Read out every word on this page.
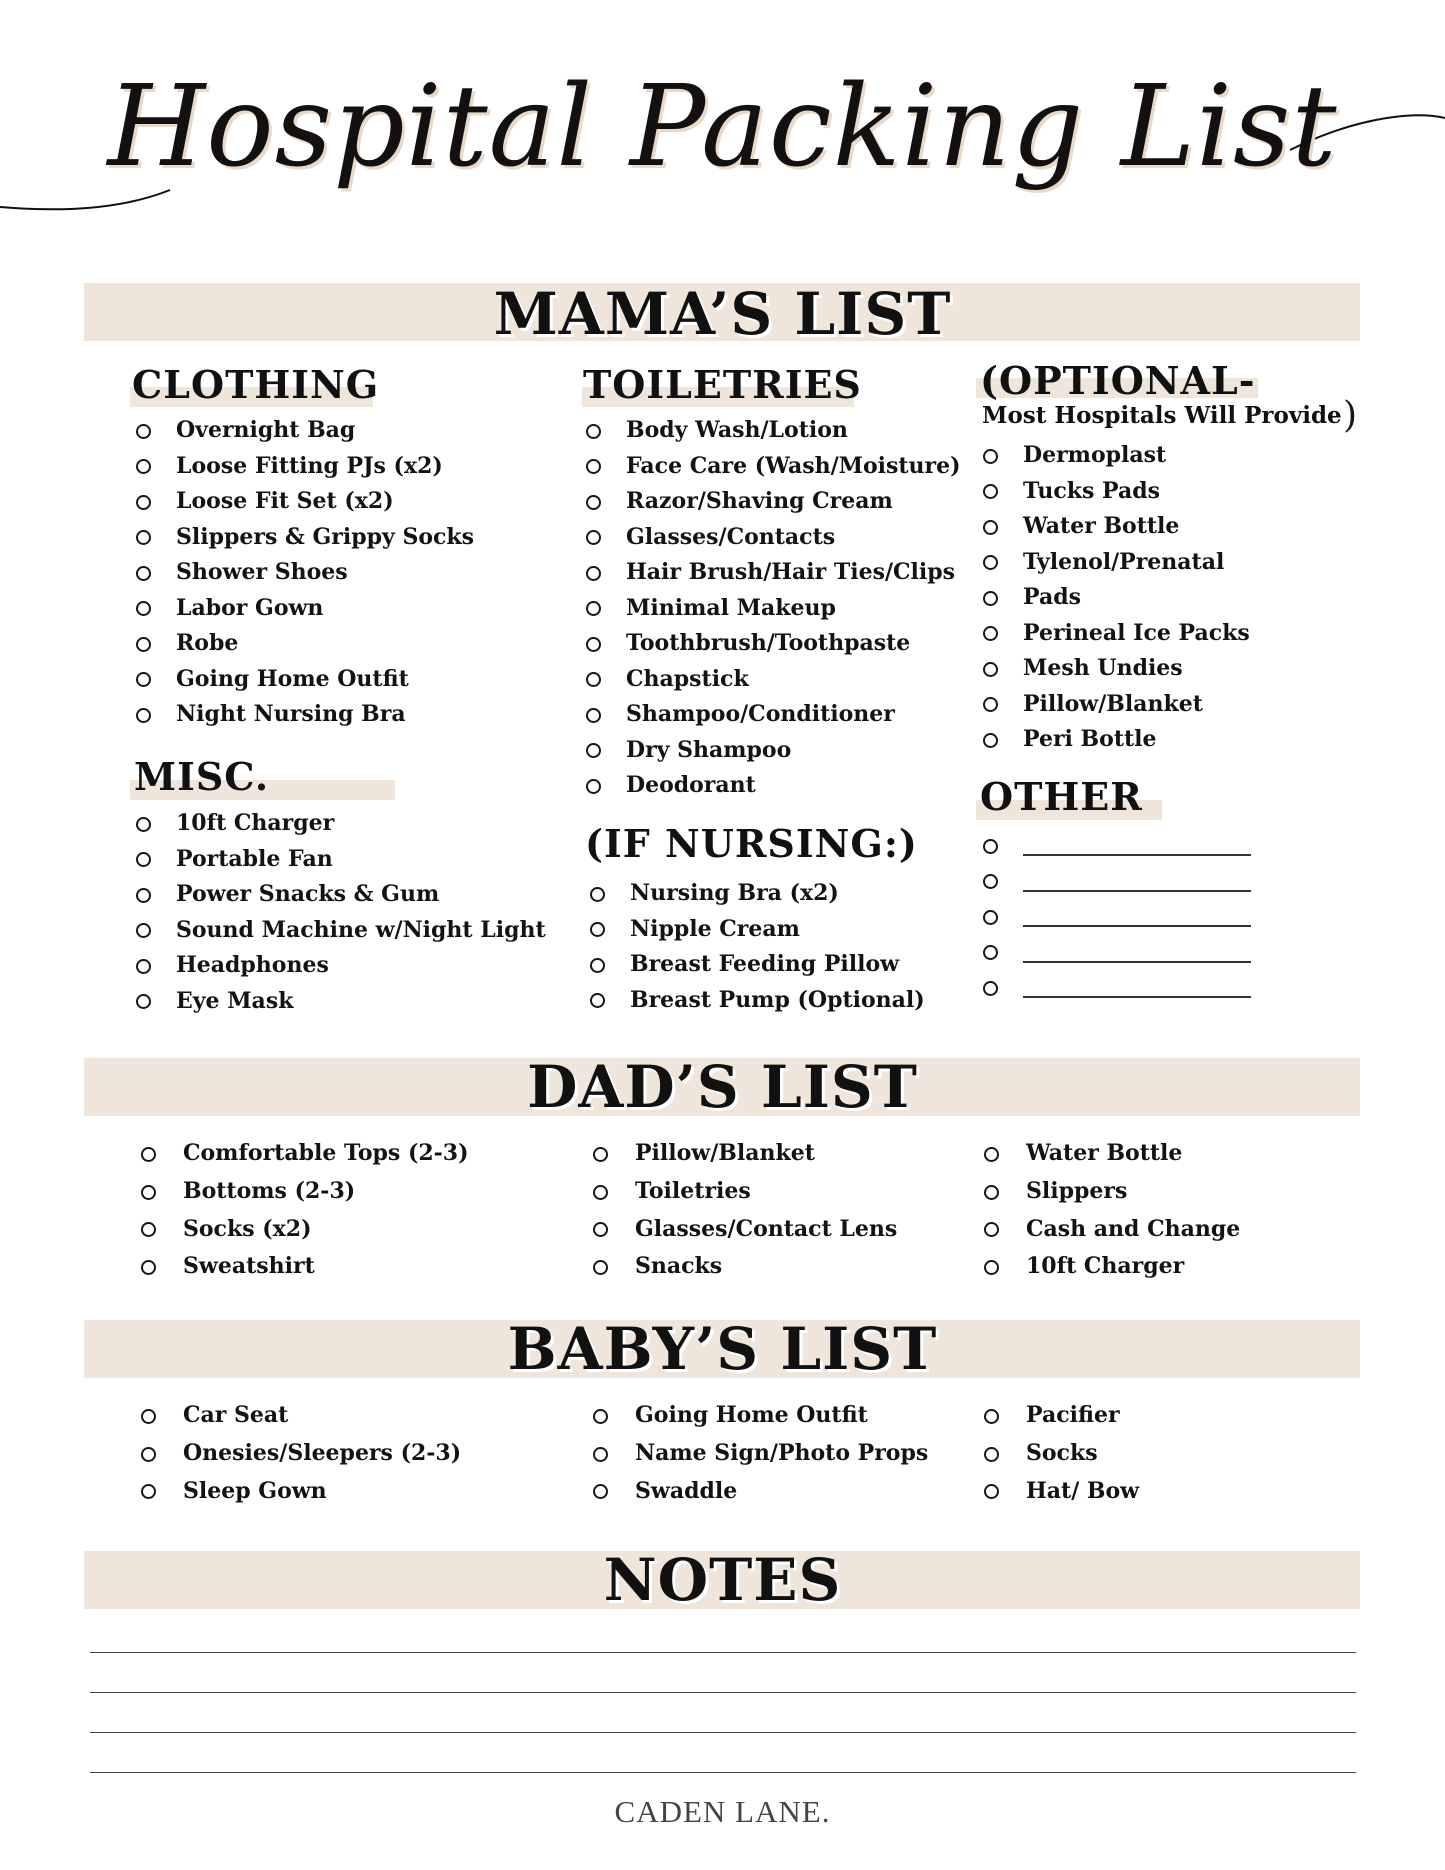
Hospital Packing List
MAMA’S LIST
CLOTHING
Overnight Bag
Loose Fitting PJs (x2)
Loose Fit Set (x2)
Slippers & Grippy Socks
Shower Shoes
Labor Gown
Robe
Going Home Outfit
Night Nursing Bra
MISC.
10ft Charger
Portable Fan
Power Snacks & Gum
Sound Machine w/Night Light
Headphones
Eye Mask
TOILETRIES
Body Wash/Lotion
Face Care (Wash/Moisture)
Razor/Shaving Cream
Glasses/Contacts
Hair Brush/Hair Ties/Clips
Minimal Makeup
Toothbrush/Toothpaste
Chapstick
Shampoo/Conditioner
Dry Shampoo
Deodorant
(IF NURSING:)
Nursing Bra (x2)
Nipple Cream
Breast Feeding Pillow
Breast Pump (Optional)
(OPTIONAL-
Most Hospitals Will Provide )
Dermoplast
Tucks Pads
Water Bottle
Tylenol/Prenatal
Pads
Perineal Ice Packs
Mesh Undies
Pillow/Blanket
Peri Bottle
OTHER
DAD’S LIST
Comfortable Tops (2-3)
Bottoms (2-3)
Socks (x2)
Sweatshirt
Pillow/Blanket
Toiletries
Glasses/Contact Lens
Snacks
Water Bottle
Slippers
Cash and Change
10ft Charger
BABY’S LIST
Car Seat
Onesies/Sleepers (2-3)
Sleep Gown
Going Home Outfit
Name Sign/Photo Props
Swaddle
Pacifier
Socks
Hat/ Bow
NOTES
CADEN LANE.
